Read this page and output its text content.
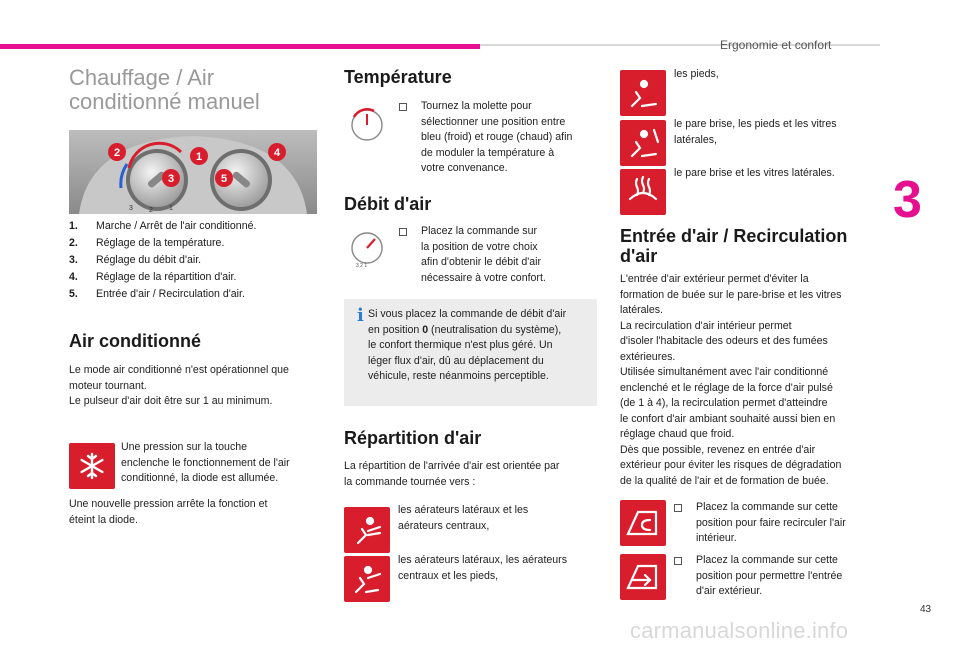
Ergonomie et confort
3
43
carmanualsonline.info
Chauffage / Air
conditionné manuel
3 2 1
1
2
3
4
5
1. Marche / Arrêt de l'air conditionné.
2. Réglage de la température.
3. Réglage du débit d'air.
4. Réglage de la répartition d'air.
5. Entrée d'air / Recirculation d'air.
Air conditionné
Le mode air conditionné n'est opérationnel que
moteur tournant.
Le pulseur d'air doit être sur 1 au minimum.
Une pression sur la touche
enclenche le fonctionnement de l'air
conditionné, la diode est allumée.
Une nouvelle pression arrête la fonction et
éteint la diode.
Température
Tournez la molette pour
sélectionner une position entre
bleu (froid) et rouge (chaud) afin
de moduler la température à
votre convenance.
Débit d'air
3 2 1
Placez la commande sur
la position de votre choix
afin d'obtenir le débit d'air
nécessaire à votre confort.
i Si vous placez la commande de débit d'air
en position 0 (neutralisation du système),
le confort thermique n'est plus géré. Un
léger flux d'air, dû au déplacement du
véhicule, reste néanmoins perceptible.
Répartition d'air
La répartition de l'arrivée d'air est orientée par
la commande tournée vers :
les aérateurs latéraux et les
aérateurs centraux,
les aérateurs latéraux, les aérateurs
centraux et les pieds,
les pieds,
le pare brise, les pieds et les vitres
latérales,
le pare brise et les vitres latérales.
Entrée d'air / Recirculation
d'air
L'entrée d'air extérieur permet d'éviter la
formation de buée sur le pare-brise et les vitres
latérales.
La recirculation d'air intérieur permet
d'isoler l'habitacle des odeurs et des fumées
extérieures.
Utilisée simultanément avec l'air conditionné
enclenché et le réglage de la force d'air pulsé
(de 1 à 4), la recirculation permet d'atteindre
le confort d'air ambiant souhaité aussi bien en
réglage chaud que froid.
Dès que possible, revenez en entrée d'air
extérieur pour éviter les risques de dégradation
de la qualité de l'air et de formation de buée.
Placez la commande sur cette
position pour faire recirculer l'air
intérieur.
Placez la commande sur cette
position pour permettre l'entrée
d'air extérieur.
